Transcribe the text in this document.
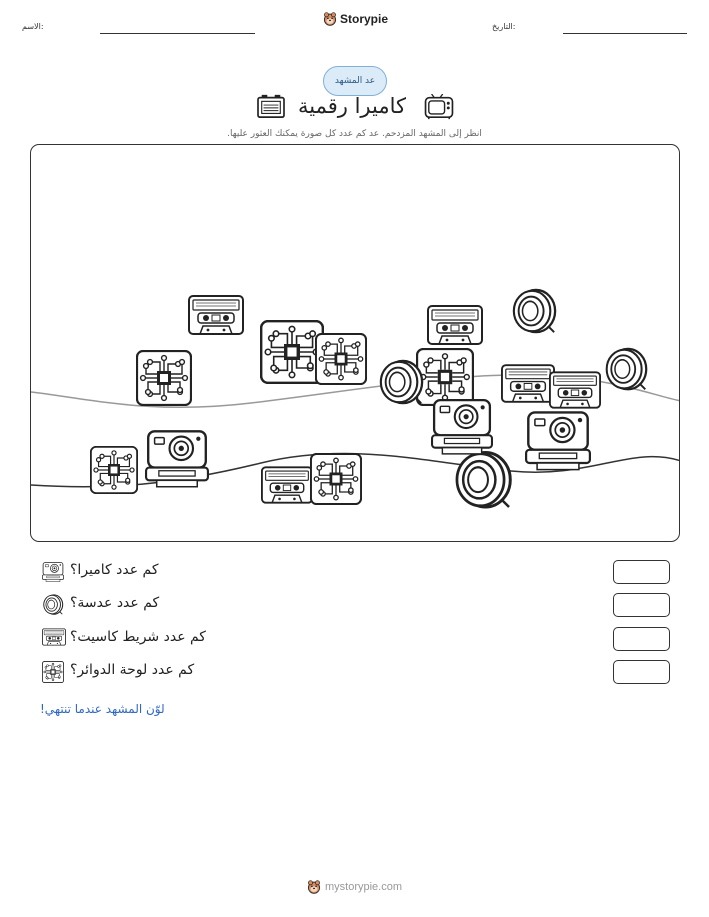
الاسم:
Storypie
التاريخ:
عد المشهد
كاميرا رقمية
انظر إلى المشهد المزدحم. عد كم عدد كل صورة يمكنك العثور عليها.
كم عدد كاميرا؟
كم عدد عدسة؟
كم عدد شريط كاسيت؟
كم عدد لوحة الدوائر؟
لوّن المشهد عندما تنتهي!
mystorypie.com
